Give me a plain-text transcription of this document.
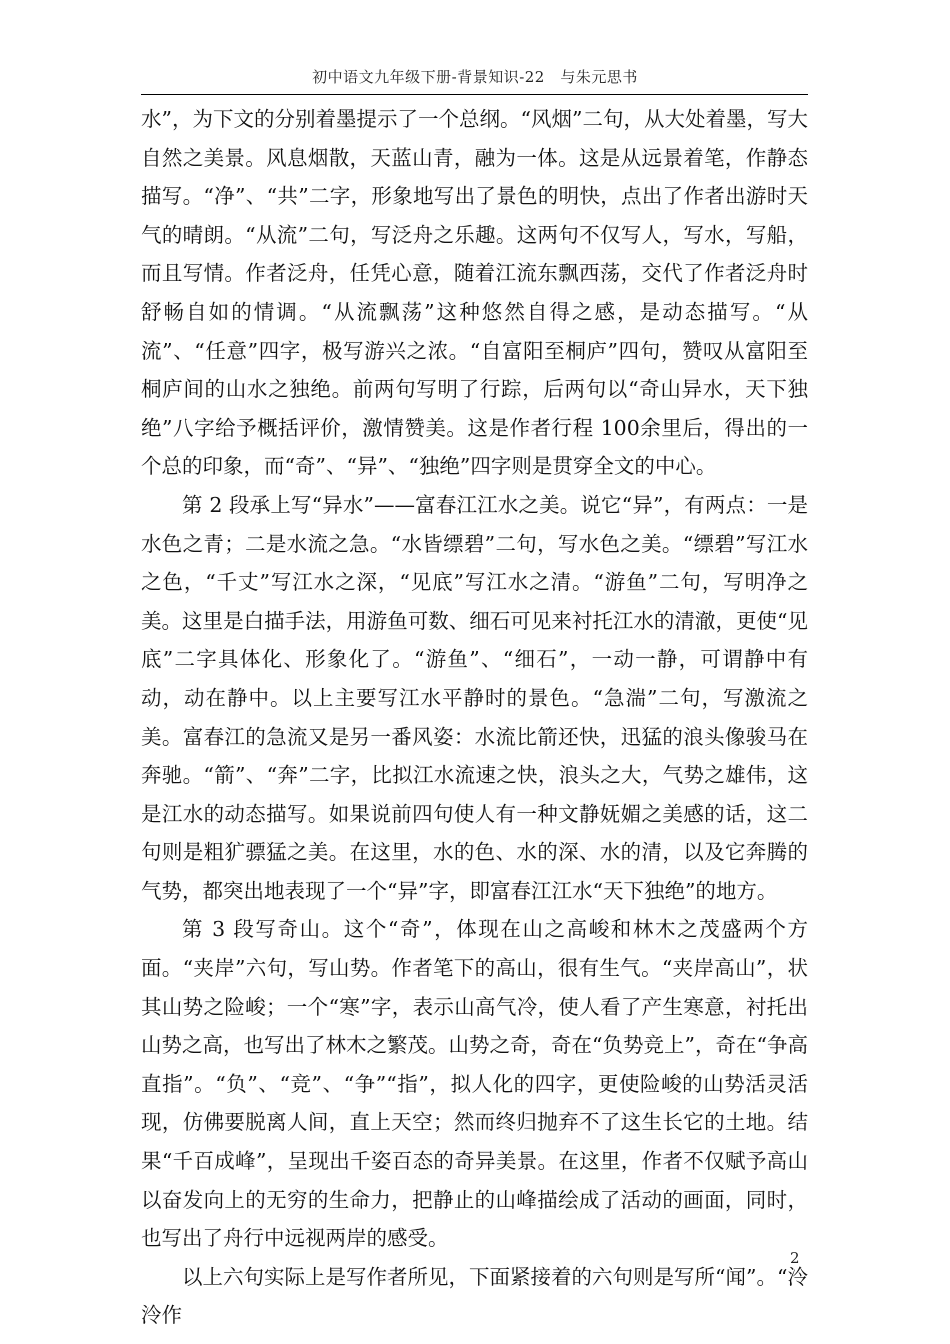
初中语文九年级下册-背景知识-22　与朱元思书

水”，为下文的分别着墨提示了一个总纲。“风烟”二句，从大处着墨，写大自然之美景。风息烟散，天蓝山青，融为一体。这是从远景着笔，作静态描写。“净”、“共”二字，形象地写出了景色的明快，点出了作者出游时天气的晴朗。“从流”二句，写泛舟之乐趣。这两句不仅写人，写水，写船，而且写情。作者泛舟，任凭心意，随着江流东飘西荡，交代了作者泛舟时舒畅自如的情调。“从流飘荡”这种悠然自得之感，是动态描写。“从流”、“任意”四字，极写游兴之浓。“自富阳至桐庐”四句，赞叹从富阳至桐庐间的山水之独绝。前两句写明了行踪，后两句以“奇山异水，天下独绝”八字给予概括评价，激情赞美。这是作者行程 100余里后，得出的一个总的印象，而“奇”、“异”、“独绝”四字则是贯穿全文的中心。

第 2 段承上写“异水”——富春江江水之美。说它“异”，有两点：一是水色之青；二是水流之急。“水皆缥碧”二句，写水色之美。“缥碧”写江水之色，“千丈”写江水之深，“见底”写江水之清。“游鱼”二句，写明净之美。这里是白描手法，用游鱼可数、细石可见来衬托江水的清澈，更使“见底”二字具体化、形象化了。“游鱼”、“细石”，一动一静，可谓静中有动，动在静中。以上主要写江水平静时的景色。“急湍”二句，写激流之美。富春江的急流又是另一番风姿：水流比箭还快，迅猛的浪头像骏马在奔驰。“箭”、“奔”二字，比拟江水流速之快，浪头之大，气势之雄伟，这是江水的动态描写。如果说前四句使人有一种文静妩媚之美感的话，这二句则是粗犷骠猛之美。在这里，水的色、水的深、水的清，以及它奔腾的气势，都突出地表现了一个“异”字，即富春江江水“天下独绝”的地方。

第 3 段写奇山。这个“奇”，体现在山之高峻和林木之茂盛两个方面。“夹岸”六句，写山势。作者笔下的高山，很有生气。“夹岸高山”，状其山势之险峻；一个“寒”字，表示山高气冷，使人看了产生寒意，衬托出山势之高，也写出了林木之繁茂。山势之奇，奇在“负势竞上”，奇在“争高直指”。“负”、“竞”、“争”“指”，拟人化的四字，更使险峻的山势活灵活现，仿佛要脱离人间，直上天空；然而终归抛弃不了这生长它的土地。结果“千百成峰”，呈现出千姿百态的奇异美景。在这里，作者不仅赋予高山以奋发向上的无穷的生命力，把静止的山峰描绘成了活动的画面，同时，也写出了舟行中远视两岸的感受。

以上六句实际上是写作者所见，下面紧接着的六句则是写所“闻”。“泠泠作

2
